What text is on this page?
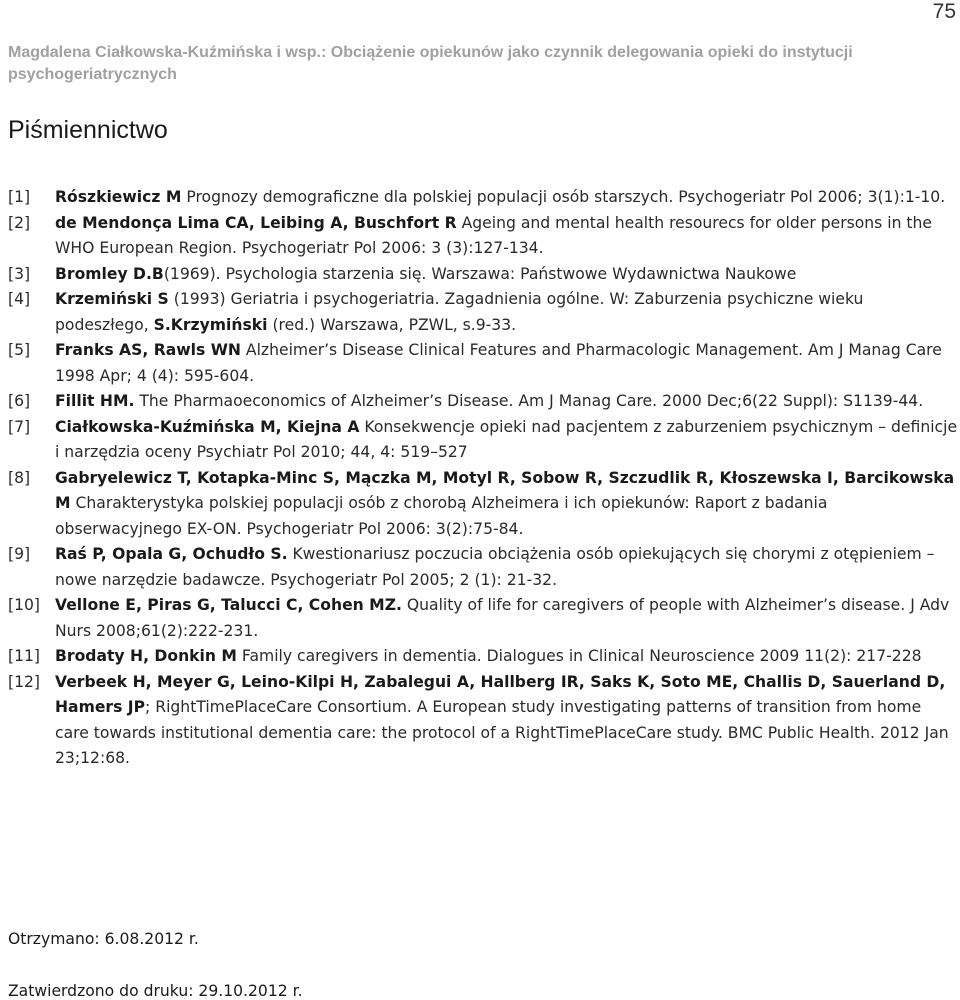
75
Magdalena Ciałkowska-Kuźmińska i wsp.: Obciążenie opiekunów jako czynnik delegowania opieki do instytucji psychogeriatrycznych
Piśmiennictwo
[1] Rószkiewicz M Prognozy demograficzne dla polskiej populacji osób starszych. Psychogeriatr Pol 2006; 3(1):1-10.
[2] de Mendonça Lima CA, Leibing A, Buschfort R Ageing and mental health resourecs for older persons in the WHO European Region. Psychogeriatr Pol 2006: 3 (3):127-134.
[3] Bromley D.B(1969). Psychologia starzenia się. Warszawa: Państwowe Wydawnictwa Naukowe
[4] Krzemiński S (1993) Geriatria i psychogeriatria. Zagadnienia ogólne. W: Zaburzenia psychiczne wieku podeszłego, S.Krzymiński (red.) Warszawa, PZWL, s.9-33.
[5] Franks AS, Rawls WN Alzheimer’s Disease Clinical Features and Pharmacologic Management. Am J Manag Care 1998 Apr; 4 (4): 595-604.
[6] Fillit HM. The Pharmaoeconomics of Alzheimer’s Disease. Am J Manag Care. 2000 Dec;6(22 Suppl): S1139-44.
[7] Ciałkowska-Kuźmińska M, Kiejna A Konsekwencje opieki nad pacjentem z zaburzeniem psychicznym – definicje i narzędzia oceny Psychiatr Pol 2010; 44, 4: 519–527
[8] Gabryelewicz T, Kotapka-Minc S, Mączka M, Motyl R, Sobow R, Szczudlik R, Kłoszewska I, Barcikowska M Charakterystyka polskiej populacji osób z chorobą Alzheimera i ich opiekunów: Raport z badania obserwacyjnego EX-ON. Psychogeriatr Pol 2006: 3(2):75-84.
[9] Raś P, Opala G, Ochudło S. Kwestionariusz poczucia obciążenia osób opiekujących się chorymi z otępieniem – nowe narzędzie badawcze. Psychogeriatr Pol 2005; 2 (1): 21-32.
[10] Vellone E, Piras G, Talucci C, Cohen MZ. Quality of life for caregivers of people with Alzheimer’s disease. J Adv Nurs 2008;61(2):222-231.
[11] Brodaty H, Donkin M Family caregivers in dementia. Dialogues in Clinical Neuroscience 2009 11(2): 217-228
[12] Verbeek H, Meyer G, Leino-Kilpi H, Zabalegui A, Hallberg IR, Saks K, Soto ME, Challis D, Sauerland D, Hamers JP; RightTimePlaceCare Consortium. A European study investigating patterns of transition from home care towards institutional dementia care: the protocol of a RightTimePlaceCare study. BMC Public Health. 2012 Jan 23;12:68.
Otrzymano: 6.08.2012 r.
Zatwierdzono do druku: 29.10.2012 r.
